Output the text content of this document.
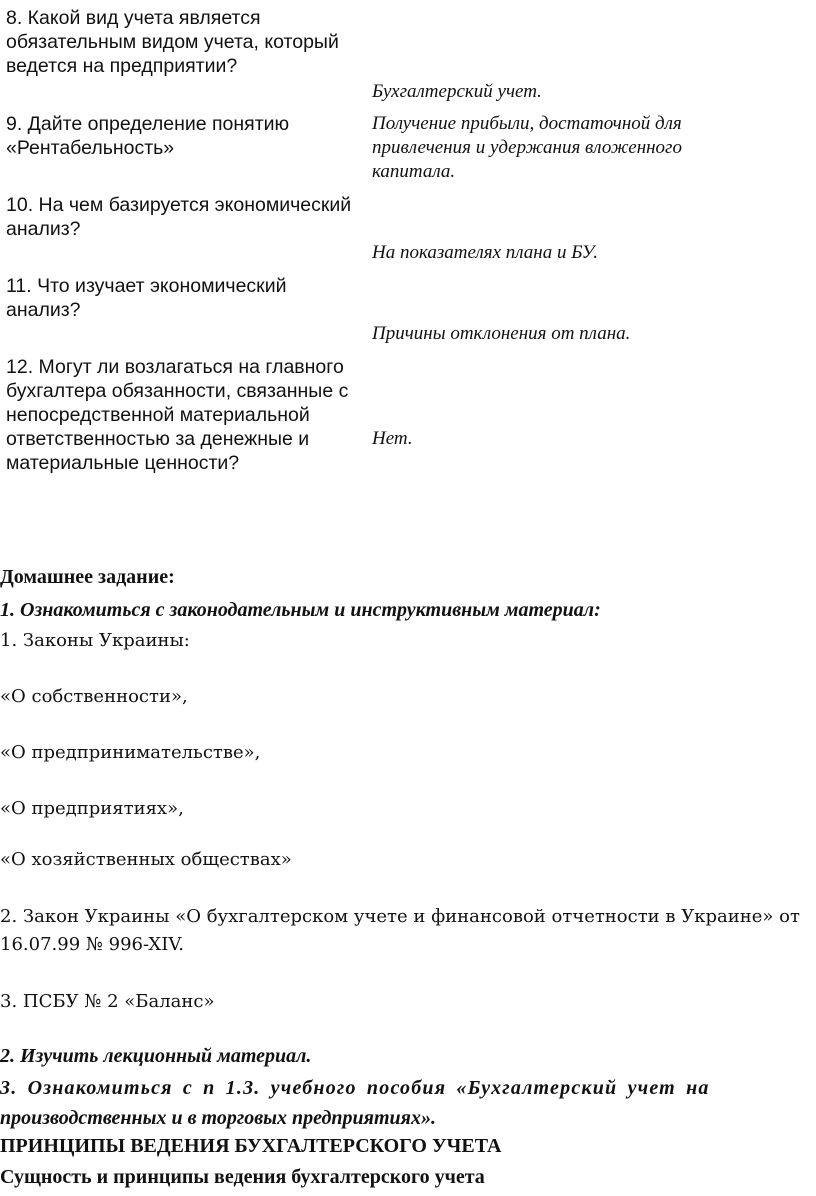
8. Какой вид учета является обязательным видом учета, который ведется на предприятии?
Бухгалтерский учет.
9. Дайте определение понятию «Рентабельность»
Получение прибыли, достаточной для привлечения и удержания вложенного капитала.
10. На чем базируется экономический анализ?
На показателях плана и БУ.
11. Что изучает экономический анализ?
Причины отклонения от плана.
12. Могут ли возлагаться на главного бухгалтера обязанности, связанные с непосредственной материальной ответственностью за денежные и материальные ценности?
Нет.
Домашнее задание:
1. Ознакомиться с законодательным и инструктивным материал:
1. Законы Украины:
«О собственности»,
«О предпринимательстве»,
«О предприятиях»,
«О хозяйственных обществах»
2. Закон Украины «О бухгалтерском учете и финансовой отчетности в Украине» от
16.07.99 № 996-XIV.
3. ПСБУ № 2 «Баланс»
2. Изучить лекционный материал.
3. Ознакомиться с п 1.3. учебного пособия «Бухгалтерский учет на
производственных и в торговых предприятиях».
ПРИНЦИПЫ ВЕДЕНИЯ БУХГАЛТЕРСКОГО УЧЕТА
Сущность и принципы ведения бухгалтерского учета
